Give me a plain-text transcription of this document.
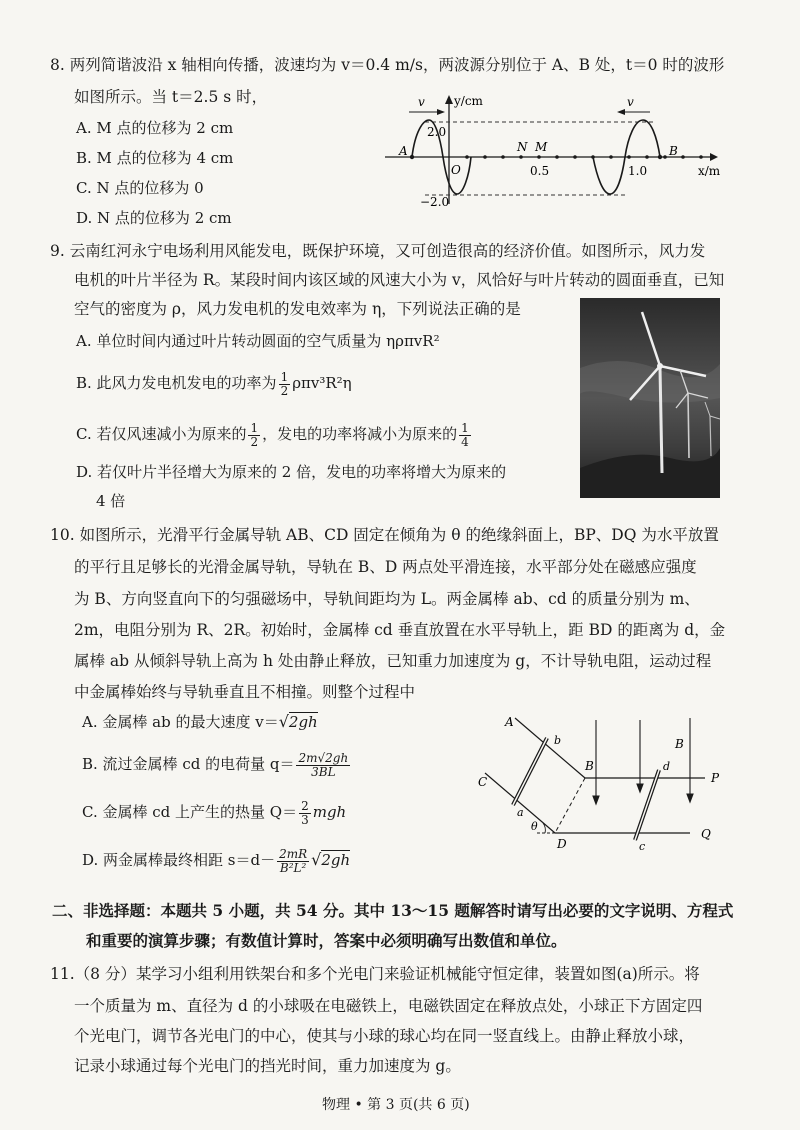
8. 两列简谐波沿 x 轴相向传播，波速均为 v＝0.4 m/s，两波源分别位于 A、B 处，t＝0 时的波形
如图所示。当 t＝2.5 s 时，
A. M 点的位移为 2 cm
B. M 点的位移为 4 cm
C. N 点的位移为 0
D. N 点的位移为 2 cm
v	v
y/cm
2.0
−2.0
O
A	B
N M
0.5	1.0	x/m
9. 云南红河永宁电场利用风能发电，既保护环境，又可创造很高的经济价值。如图所示，风力发
电机的叶片半径为 R。某段时间内该区域的风速大小为 v，风恰好与叶片转动的圆面垂直，已知
空气的密度为 ρ，风力发电机的发电效率为 η，下列说法正确的是
A. 单位时间内通过叶片转动圆面的空气质量为 ηρπvR²
B. 此风力发电机发电的功率为 $\frac{1}{2} \rho\pi v^3R^2\eta$
C. 若仅风速减小为原来的 $\frac{1}{2}$ ，发电的功率将减小为原来的 $\frac{1}{4}$
D. 若仅叶片半径增大为原来的 2 倍，发电的功率将增大为原来的
4 倍
10. 如图所示，光滑平行金属导轨 AB、CD 固定在倾角为 θ 的绝缘斜面上，BP、DQ 为水平放置
的平行且足够长的光滑金属导轨，导轨在 B、D 两点处平滑连接，水平部分处在磁感应强度
为 B、方向竖直向下的匀强磁场中，导轨间距均为 L。两金属棒 ab、cd 的质量分别为 m、
2m，电阻分别为 R、2R。初始时，金属棒 cd 垂直放置在水平导轨上，距 BD 的距离为 d，金
属棒 ab 从倾斜导轨上高为 h 处由静止释放，已知重力加速度为 g，不计导轨电阻，运动过程
中金属棒始终与导轨垂直且不相撞。则整个过程中
A. 金属棒 ab 的最大速度 v＝√2gh
B. 流过金属棒 cd 的电荷量 $q= \frac{2m√2gh}{3BL}$
C. 金属棒 cd 上产生的热量 $Q= \frac{2}{3}$ mgh
D. 两金属棒最终相距 $s=d- \frac{2mR}{\text{B²L²}} √2gh$
A
C
B
D
P
Q
b
a
d
c
θ
B
二、非选择题：本题共 5 小题，共 54 分。其中 13～15 题解答时请写出必要的文字说明、方程式
和重要的演算步骤；有数值计算时，答案中必须明确写出数值和单位。
11.（8 分）某学习小组利用铁架台和多个光电门来验证机械能守恒定律，装置如图(a)所示。将
一个质量为 m、直径为 d 的小球吸在电磁铁上，电磁铁固定在释放点处，小球正下方固定四
个光电门，调节各光电门的中心，使其与小球的球心均在同一竖直线上。由静止释放小球，
记录小球通过每个光电门的挡光时间，重力加速度为 g。
物理 • 第 3 页(共 6 页)
